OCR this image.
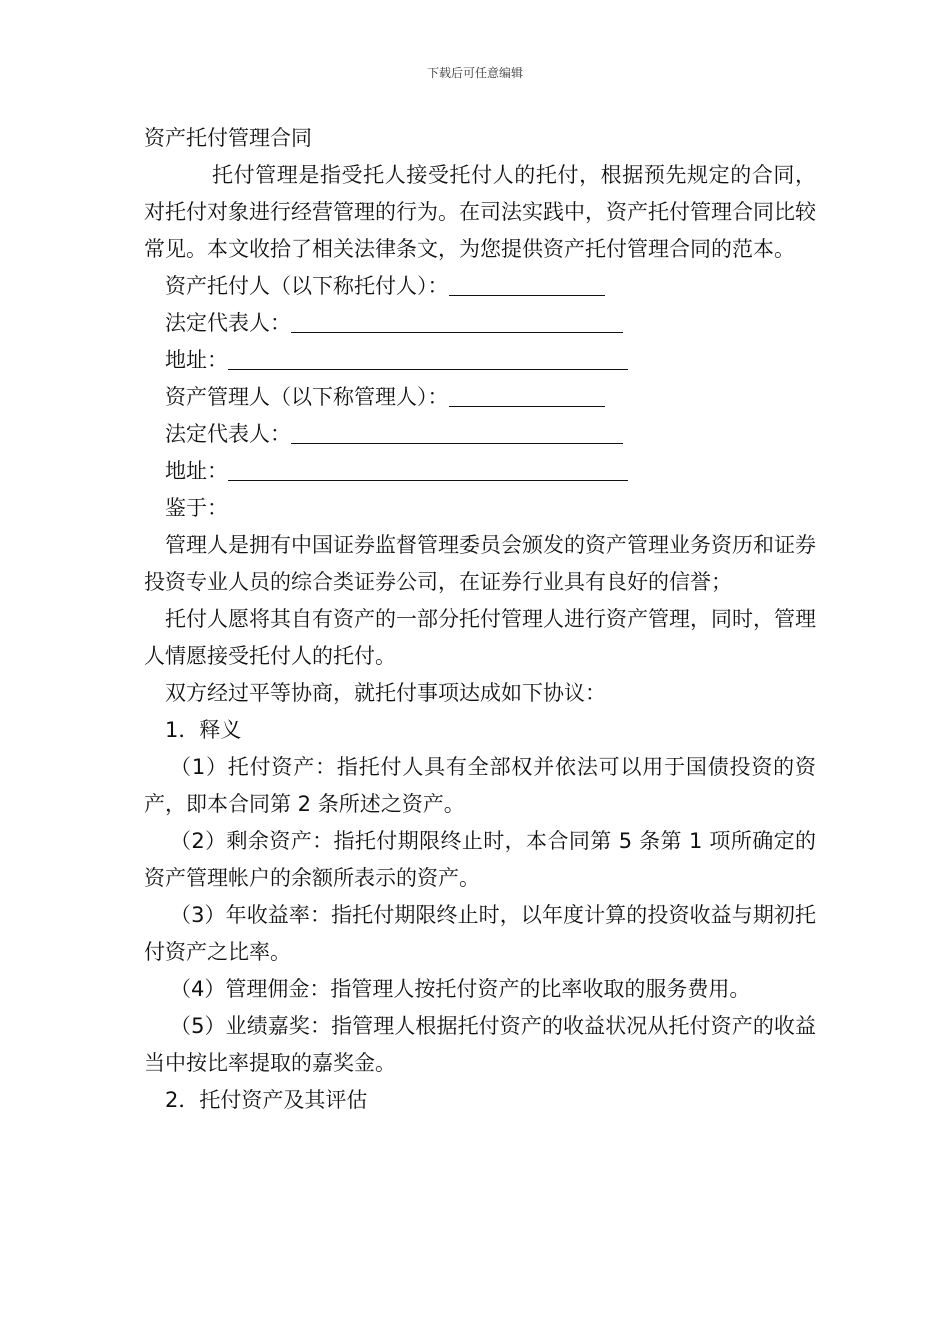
下载后可任意编辑

资产托付管理合同

托付管理是指受托人接受托付人的托付，根据预先规定的合同，对托付对象进行经营管理的行为。在司法实践中，资产托付管理合同比较常见。本文收拾了相关法律条文，为您提供资产托付管理合同的范本。

资产托付人（以下称托付人）：
法定代表人：
地址：
资产管理人（以下称管理人）：
法定代表人：
地址：

鉴于：

管理人是拥有中国证券监督管理委员会颁发的资产管理业务资历和证券投资专业人员的综合类证券公司，在证券行业具有良好的信誉；

托付人愿将其自有资产的一部分托付管理人进行资产管理，同时，管理人情愿接受托付人的托付。

双方经过平等协商，就托付事项达成如下协议：

1．释义

（1）托付资产：指托付人具有全部权并依法可以用于国债投资的资产，即本合同第 2 条所述之资产。

（2）剩余资产：指托付期限终止时，本合同第 5 条第 1 项所确定的资产管理帐户的余额所表示的资产。

（3）年收益率：指托付期限终止时，以年度计算的投资收益与期初托付资产之比率。

（4）管理佣金：指管理人按托付资产的比率收取的服务费用。

（5）业绩嘉奖：指管理人根据托付资产的收益状况从托付资产的收益当中按比率提取的嘉奖金。

2．托付资产及其评估
